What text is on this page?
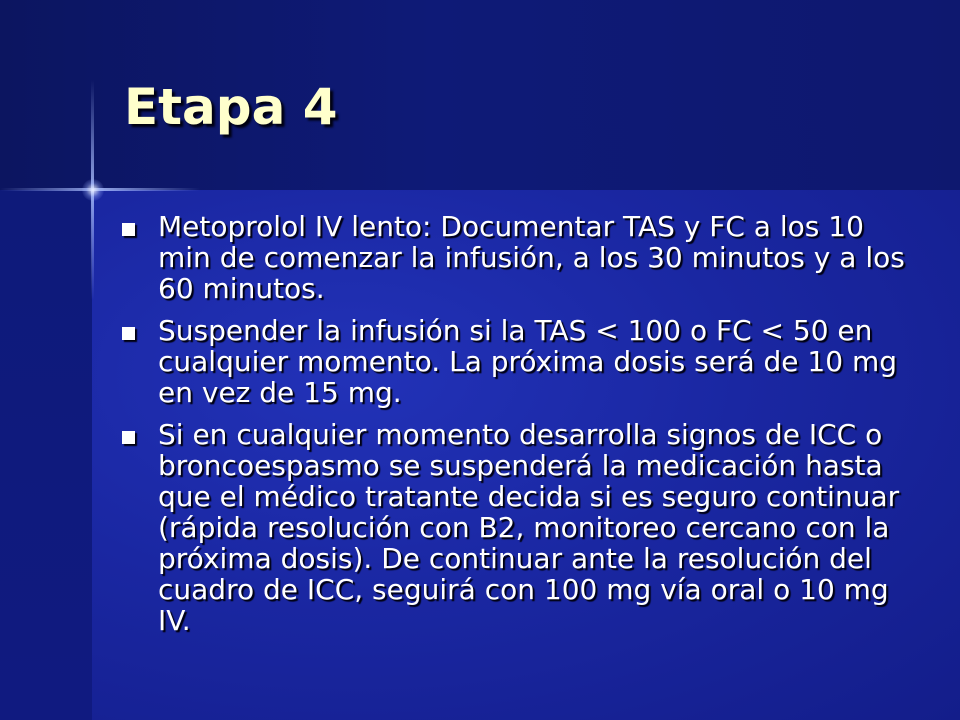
Etapa 4
Metoprolol IV lento: Documentar TAS y FC a los 10 min de comenzar la infusión, a los 30 minutos y a los 60 minutos.
Suspender la infusión si la TAS < 100 o FC < 50 en cualquier momento. La próxima dosis será de 10 mg en vez de 15 mg.
Si en cualquier momento desarrolla signos de ICC o broncoespasmo se suspenderá la medicación hasta que el médico tratante decida si es seguro continuar (rápida resolución con B2, monitoreo cercano con la próxima dosis). De continuar ante la resolución del cuadro de ICC, seguirá con 100 mg vía oral o 10 mg IV.
